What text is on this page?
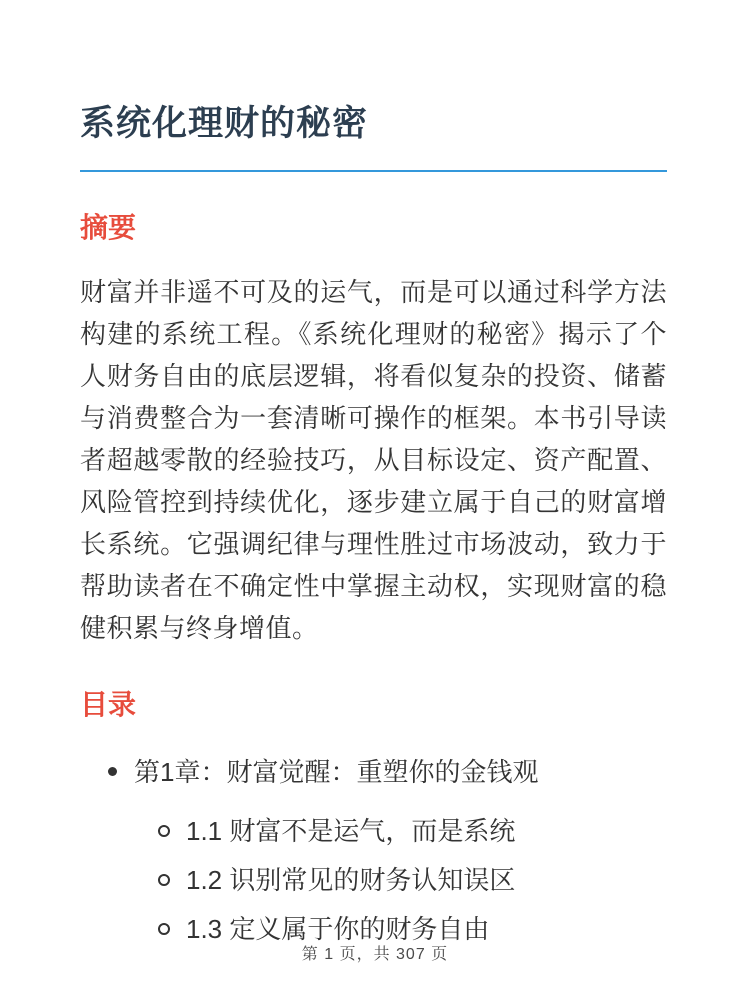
系统化理财的秘密
摘要

财富并非遥不可及的运气，而是可以通过科学方法构建的系统工程。《系统化理财的秘密》揭示了个人财务自由的底层逻辑，将看似复杂的投资、储蓄与消费整合为一套清晰可操作的框架。本书引导读者超越零散的经验技巧，从目标设定、资产配置、风险管控到持续优化，逐步建立属于自己的财富增长系统。它强调纪律与理性胜过市场波动，致力于帮助读者在不确定性中掌握主动权，实现财富的稳健积累与终身增值。

目录
第1章：财富觉醒：重塑你的金钱观
1.1 财富不是运气，而是系统
1.2 识别常见的财务认知误区
1.3 定义属于你的财务自由
第 1 页，共 307 页
